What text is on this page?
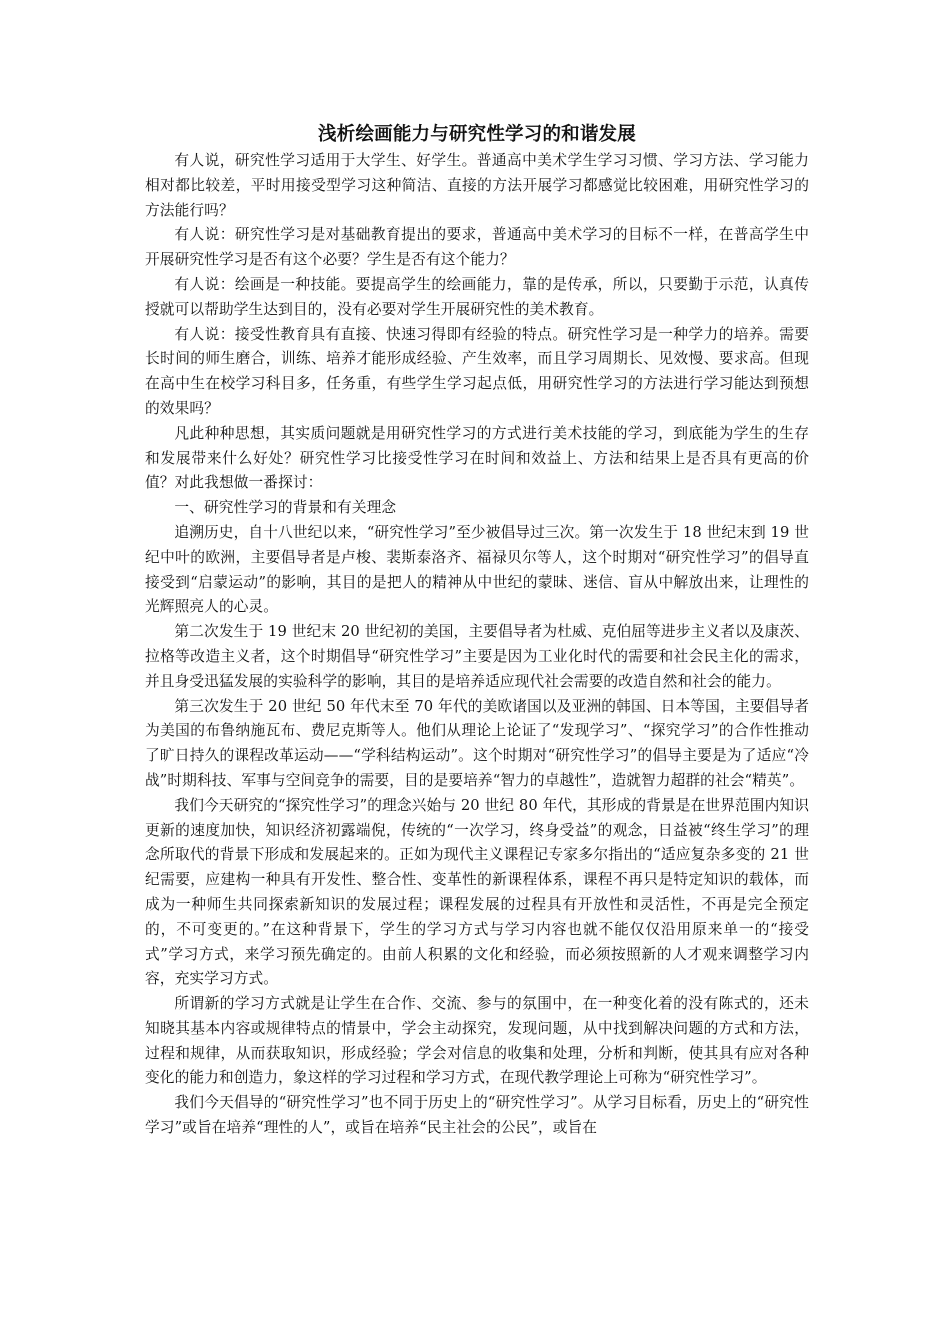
浅析绘画能力与研究性学习的和谐发展

有人说，研究性学习适用于大学生、好学生。普通高中美术学生学习习惯、学习方法、学习能力相对都比较差，平时用接受型学习这种简洁、直接的方法开展学习都感觉比较困难，用研究性学习的方法能行吗？

有人说：研究性学习是对基础教育提出的要求，普通高中美术学习的目标不一样，在普高学生中开展研究性学习是否有这个必要？学生是否有这个能力？

有人说：绘画是一种技能。要提高学生的绘画能力，靠的是传承，所以，只要勤于示范，认真传授就可以帮助学生达到目的，没有必要对学生开展研究性的美术教育。

有人说：接受性教育具有直接、快速习得即有经验的特点。研究性学习是一种学力的培养。需要长时间的师生磨合，训练、培养才能形成经验、产生效率，而且学习周期长、见效慢、要求高。但现在高中生在校学习科目多，任务重，有些学生学习起点低，用研究性学习的方法进行学习能达到预想的效果吗？

凡此种种思想，其实质问题就是用研究性学习的方式进行美术技能的学习，到底能为学生的生存和发展带来什么好处？研究性学习比接受性学习在时间和效益上、方法和结果上是否具有更高的价值？对此我想做一番探讨：

一、研究性学习的背景和有关理念

追溯历史，自十八世纪以来，“研究性学习”至少被倡导过三次。第一次发生于 18 世纪末到 19 世纪中叶的欧洲，主要倡导者是卢梭、裴斯泰洛齐、福禄贝尔等人，这个时期对“研究性学习”的倡导直接受到“启蒙运动”的影响，其目的是把人的精神从中世纪的蒙昧、迷信、盲从中解放出来，让理性的光辉照亮人的心灵。

第二次发生于 19 世纪末 20 世纪初的美国，主要倡导者为杜威、克伯屈等进步主义者以及康茨、拉格等改造主义者，这个时期倡导“研究性学习”主要是因为工业化时代的需要和社会民主化的需求，并且身受迅猛发展的实验科学的影响，其目的是培养适应现代社会需要的改造自然和社会的能力。

第三次发生于 20 世纪 50 年代末至 70 年代的美欧诸国以及亚洲的韩国、日本等国，主要倡导者为美国的布鲁纳施瓦布、费尼克斯等人。他们从理论上论证了“发现学习”、“探究学习”的合作性推动了旷日持久的课程改革运动——“学科结构运动”。这个时期对“研究性学习”的倡导主要是为了适应“冷战”时期科技、军事与空间竞争的需要，目的是要培养“智力的卓越性”，造就智力超群的社会“精英”。

我们今天研究的“探究性学习”的理念兴始与 20 世纪 80 年代，其形成的背景是在世界范围内知识更新的速度加快，知识经济初露端倪，传统的“一次学习，终身受益”的观念，日益被“终生学习”的理念所取代的背景下形成和发展起来的。正如为现代主义课程记专家多尔指出的“适应复杂多变的 21 世纪需要，应建构一种具有开发性、整合性、变革性的新课程体系，课程不再只是特定知识的载体，而成为一种师生共同探索新知识的发展过程；课程发展的过程具有开放性和灵活性，不再是完全预定的，不可变更的。”在这种背景下，学生的学习方式与学习内容也就不能仅仅沿用原来单一的“接受式”学习方式，来学习预先确定的。由前人积累的文化和经验，而必须按照新的人才观来调整学习内容，充实学习方式。

所谓新的学习方式就是让学生在合作、交流、参与的氛围中，在一种变化着的没有陈式的，还未知晓其基本内容或规律特点的情景中，学会主动探究，发现问题，从中找到解决问题的方式和方法，过程和规律，从而获取知识，形成经验；学会对信息的收集和处理，分析和判断，使其具有应对各种变化的能力和创造力，象这样的学习过程和学习方式，在现代教学理论上可称为“研究性学习”。

我们今天倡导的“研究性学习”也不同于历史上的“研究性学习”。从学习目标看，历史上的“研究性学习”或旨在培养“理性的人”，或旨在培养“民主社会的公民”，或旨在
